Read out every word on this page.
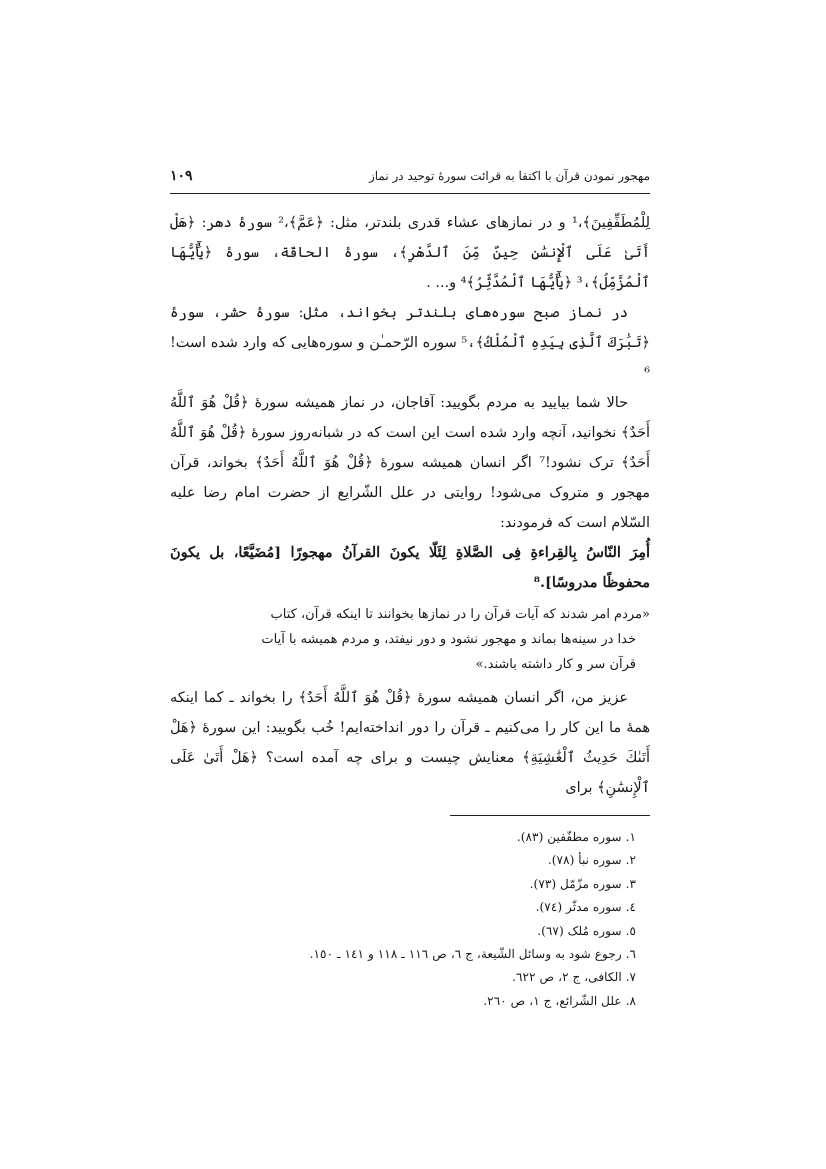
مهجور نمودن قرآن با اکتفا به قرائت سورۀ توحید در نماز
۱۰۹

لِلْمُطَفِّفِينَ﴾،¹ و در نمازهای عشاء قدری بلندتر، مثل: ﴿عَمَّ﴾،² سورۀ دهر: ﴿هَلْ أَتَىٰ عَلَى ٱلْإِنسَٰنِ حِينٌ مِّنَ ٱلدَّهْرِ﴾، سورۀ الحاقّة، سورۀ ﴿يَٰٓأَيُّهَا ٱلْمُزَّمِّلُ﴾،³ ﴿يَٰٓأَيُّهَا ٱلْمُدَّثِّرُ﴾⁴ و... .

در نماز صبح سوره‌های بلندتر بخواند، مثل: سورۀ حشر، سورۀ ﴿تَبَٰرَكَ ٱلَّذِى بِيَدِهِ ٱلْمُلْكُ﴾،⁵ سوره الرّحمـٰن و سوره‌هایی که وارد شده است!⁶

حالا شما بیایید به مردم بگویید: آقاجان، در نماز همیشه سورۀ ﴿قُلْ هُوَ ٱللَّهُ أَحَدٌ﴾ نخوانید، آنچه وارد شده است این است که در شبانه‌روز سورۀ ﴿قُلْ هُوَ ٱللَّهُ أَحَدٌ﴾ ترک نشود!⁷ اگر انسان همیشه سورۀ ﴿قُلْ هُوَ ٱللَّهُ أَحَدٌ﴾ بخواند، قرآن مهجور و متروک می‌شود! روایتی در علل الشّرایع از حضرت امام رضا علیه السّلام است که فرمودند:

أُمِرَ النّاسُ بِالقِراءةِ فِى الصَّلاةِ لِئَلّا يكونَ القرآنُ مهجورًا [مُضَيَّعًا، بل يكونَ محفوظًا مدروسًا].⁸

«مردم امر شدند که آیات قرآن را در نمازها بخوانند تا اینکه قرآن، کتاب
خدا در سینه‌ها بماند و مهجور نشود و دور نیفتد، و مردم همیشه با آیات
قرآن سر و کار داشته باشند.»

عزیز من، اگر انسان همیشه سورۀ ﴿قُلْ هُوَ ٱللَّهُ أَحَدٌ﴾ را بخواند ـ کما اینکه همۀ ما این کار را می‌کنیم ـ قرآن را دور انداخته‌ایم! خُب بگویید: این سورۀ ﴿هَلْ أَتَىٰكَ حَدِيثُ ٱلْغَٰشِيَةِ﴾ معنایش چیست و برای چه آمده است؟ ﴿هَلْ أَتَىٰ عَلَى ٱلْإِنسَٰنِ﴾ برای

۱. سوره مطفّفین (۸۳).
۲. سوره نبأ (۷۸).
۳. سوره مزّمّل (۷۳).
٤. سوره مدثّر (۷٤).
٥. سوره مُلک (٦۷).
٦. رجوع شود به وسائل الشّیعة، ج ٦، ص ۱۱٦ ـ ۱۱۸ و ۱٤۱ ـ ۱٥۰.
۷. الکافی، ج ۲، ص ٦۲۲.
۸. علل الشّرائع، ج ۱، ص ۲٦۰.
